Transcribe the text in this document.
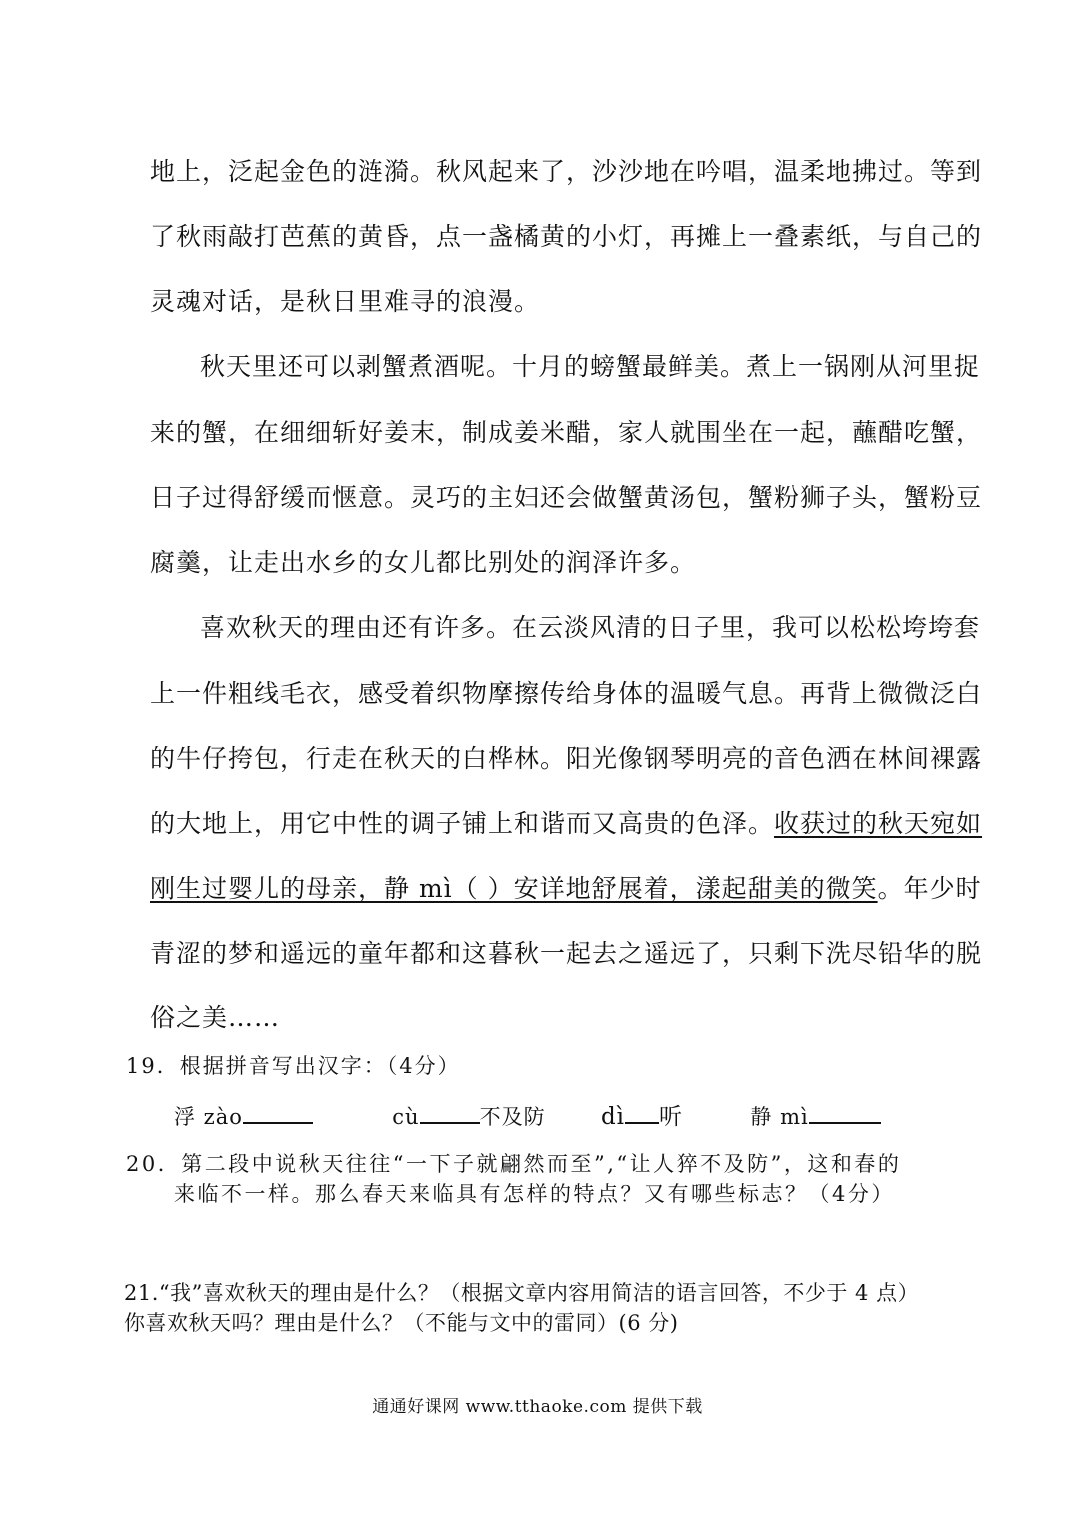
地上，泛起金色的涟漪。秋风起来了，沙沙地在吟唱，温柔地拂过。等到
了秋雨敲打芭蕉的黄昏，点一盏橘黄的小灯，再摊上一叠素纸，与自己的
灵魂对话，是秋日里难寻的浪漫。
秋天里还可以剥蟹煮酒呢。十月的螃蟹最鲜美。煮上一锅刚从河里捉
来的蟹，在细细斩好姜末，制成姜米醋，家人就围坐在一起，蘸醋吃蟹，
日子过得舒缓而惬意。灵巧的主妇还会做蟹黄汤包，蟹粉狮子头，蟹粉豆
腐羹，让走出水乡的女儿都比别处的润泽许多。
喜欢秋天的理由还有许多。在云淡风清的日子里，我可以松松垮垮套
上一件粗线毛衣，感受着织物摩擦传给身体的温暖气息。再背上微微泛白
的牛仔挎包，行走在秋天的白桦林。阳光像钢琴明亮的音色洒在林间裸露
的大地上，用它中性的调子铺上和谐而又高贵的色泽。收获过的秋天宛如
刚生过婴儿的母亲，静 mì（ ）安详地舒展着，漾起甜美的微笑。年少时
青涩的梦和遥远的童年都和这暮秋一起去之遥远了，只剩下洗尽铅华的脱
俗之美……
19．根据拼音写出汉字：（4分）
浮 zào	cù	不及防 dì 听	静 mì
20．第二段中说秋天往往“一下子就翩然而至”,“让人猝不及防”，这和春的
来临不一样。那么春天来临具有怎样的特点？又有哪些标志？（4分）
21.“我”喜欢秋天的理由是什么？（根据文章内容用简洁的语言回答，不少于 4 点）
你喜欢秋天吗？理由是什么？（不能与文中的雷同）(6 分)
通通好课网 www.tthaoke.com 提供下载
